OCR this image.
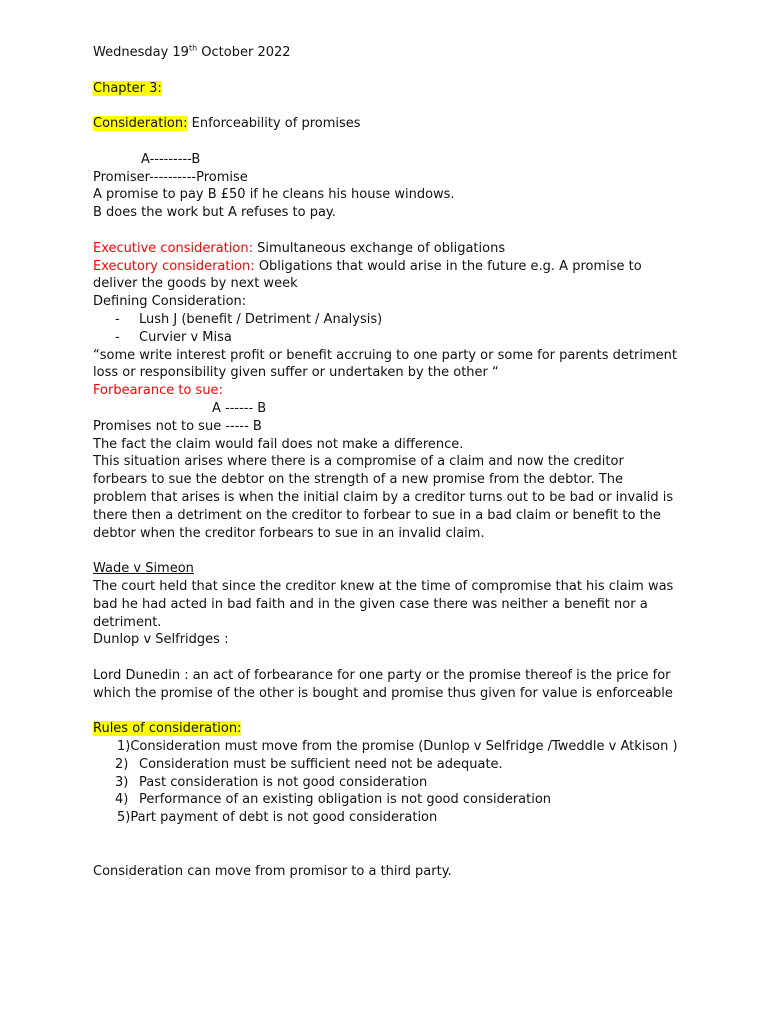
Wednesday 19th October 2022
Chapter 3:
Consideration: Enforceability of promises
A---------B
Promiser----------Promise
A promise to pay B £50 if he cleans his house windows.
B does the work but A refuses to pay.
Executive consideration: Simultaneous exchange of obligations
Executory consideration: Obligations that would arise in the future e.g. A promise to deliver the goods by next week
Defining Consideration:
- Lush J (benefit / Detriment / Analysis)
- Curvier v Misa
“some write interest profit or benefit accruing to one party or some for parents detriment loss or responsibility given suffer or undertaken by the other “
Forbearance to sue:
A ------ B
Promises not to sue ----- B
The fact the claim would fail does not make a difference.
This situation arises where there is a compromise of a claim and now the creditor forbears to sue the debtor on the strength of a new promise from the debtor. The problem that arises is when the initial claim by a creditor turns out to be bad or invalid is there then a detriment on the creditor to forbear to sue in a bad claim or benefit to the debtor when the creditor forbears to sue in an invalid claim.
Wade v Simeon
The court held that since the creditor knew at the time of compromise that his claim was bad he had acted in bad faith and in the given case there was neither a benefit nor a detriment.
Dunlop v Selfridges :
Lord Dunedin : an act of forbearance for one party or the promise thereof is the price for which the promise of the other is bought and promise thus given for value is enforceable
Rules of consideration:
1)Consideration must move from the promise (Dunlop v Selfridge /Tweddle v Atkison )
2) Consideration must be sufficient need not be adequate.
3) Past consideration is not good consideration
4) Performance of an existing obligation is not good consideration
5)Part payment of debt is not good consideration
Consideration can move from promisor to a third party.
